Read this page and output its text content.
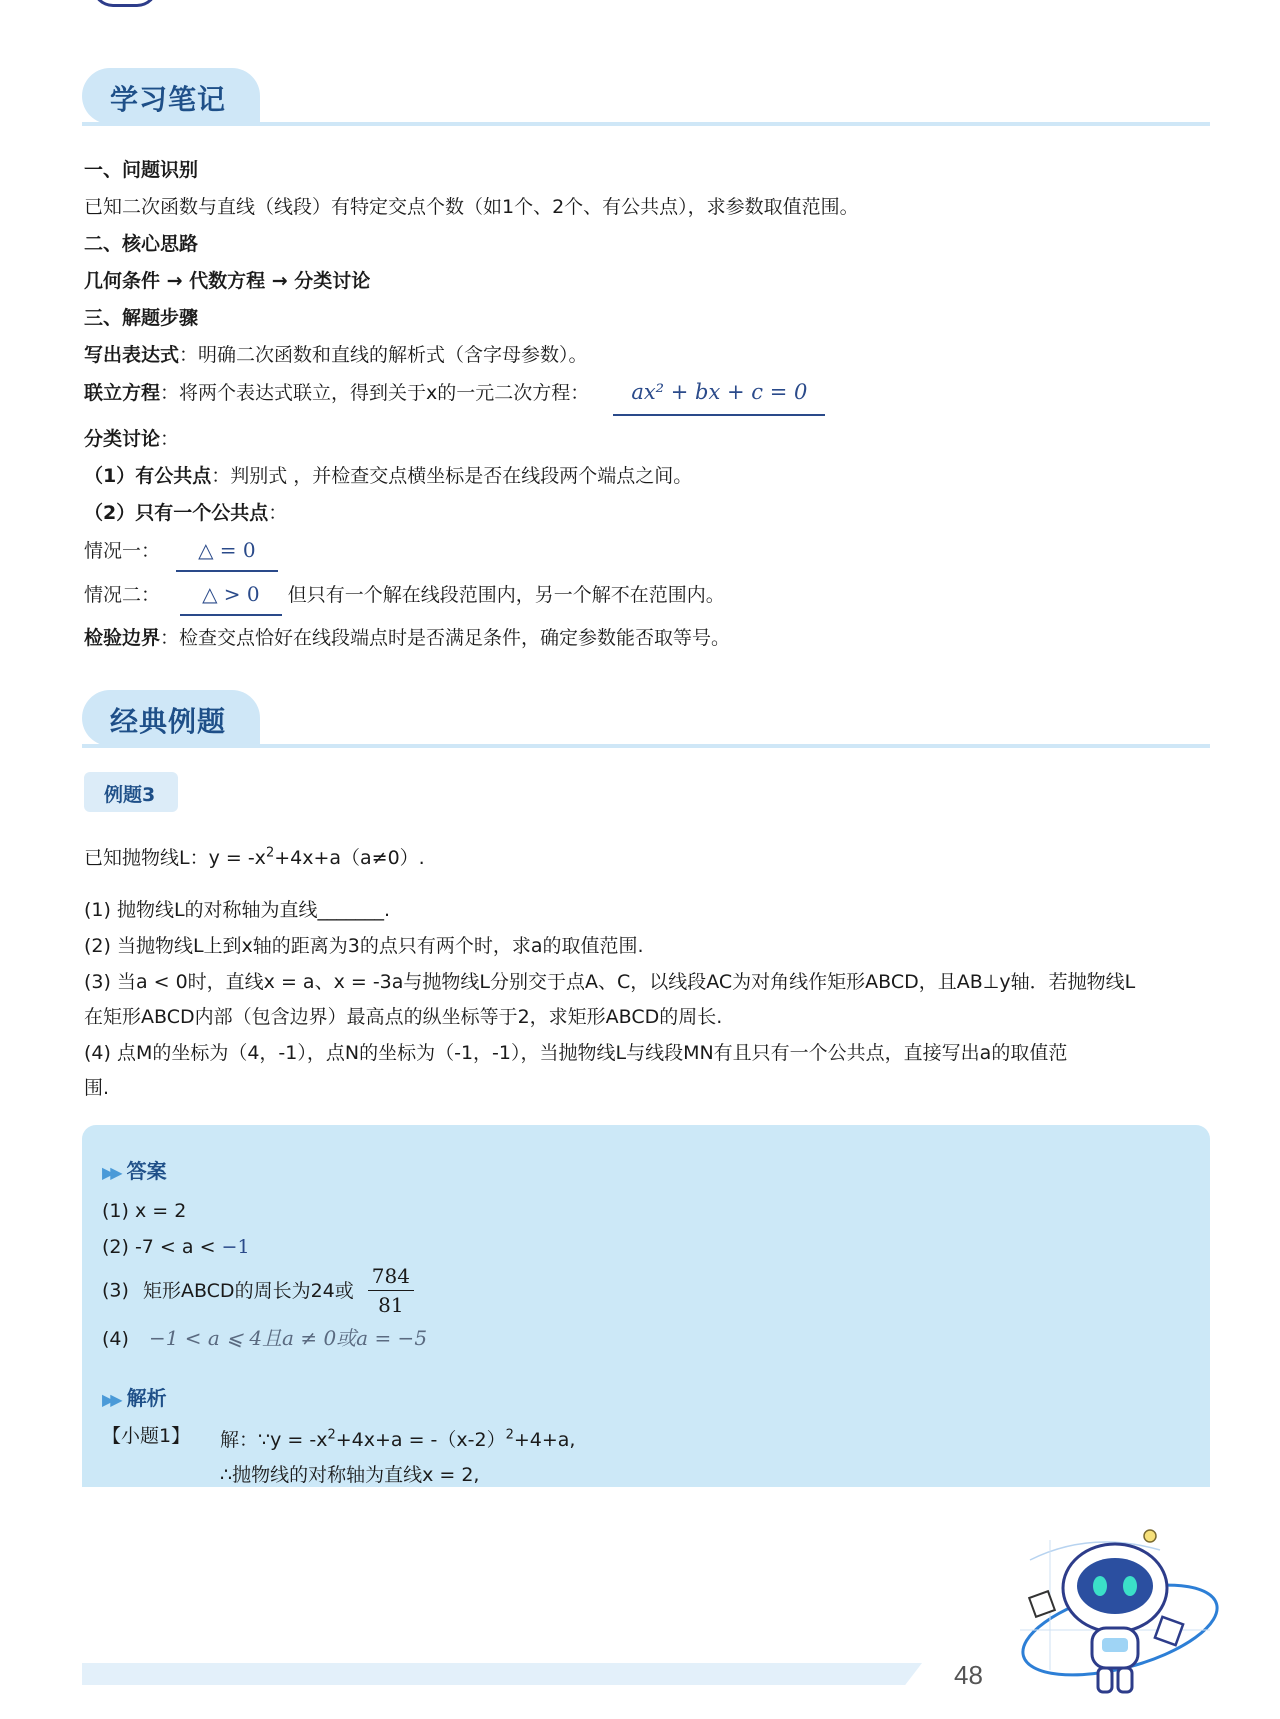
学习笔记
一、问题识别
已知二次函数与直线（线段）有特定交点个数（如1个、2个、有公共点），求参数取值范围。
二、核心思路
几何条件 → 代数方程 → 分类讨论
三、解题步骤
写出表达式：明确二次函数和直线的解析式（含字母参数）。
联立方程：将两个表达式联立，得到关于x的一元二次方程： ax² + bx + c = 0
分类讨论：
（1）有公共点：判别式 ，并检查交点横坐标是否在线段两个端点之间。
（2）只有一个公共点：
情况一： △ = 0
情况二： △ > 0 但只有一个解在线段范围内，另一个解不在范围内。
检验边界：检查交点恰好在线段端点时是否满足条件，确定参数能否取等号。
经典例题
例题3
已知抛物线L：$y = -x^2+4x+a(a\ne 0)$.
(1) 抛物线L的对称轴为直线_______.
(2) 当抛物线L上到x轴的距离为3的点只有两个时，求a的取值范围.
(3) 当a < 0时，直线x = a、x = -3a与抛物线L分别交于点A、C，以线段AC为对角线作矩形ABCD，且AB⊥y轴．若抛物线L
在矩形ABCD内部（包含边界）最高点的纵坐标等于2，求矩形ABCD的周长.
(4) 点M的坐标为（4，-1），点N的坐标为（-1，-1），当抛物线L与线段MN有且只有一个公共点，直接写出a的取值范
围.
▶▶ 答案
(1) x = 2
(2) -7 < a < −1
(3) 矩形ABCD的周长为24或 $\frac{784}{81}$
(4) −1 < a ⩽ 4且a ≠ 0或a = −5
▶▶ 解析
【小题1】 解：∵y = $-x^2+4x+a = -(x-2)^2+4+a$,
∴抛物线的对称轴为直线x = 2,
48
